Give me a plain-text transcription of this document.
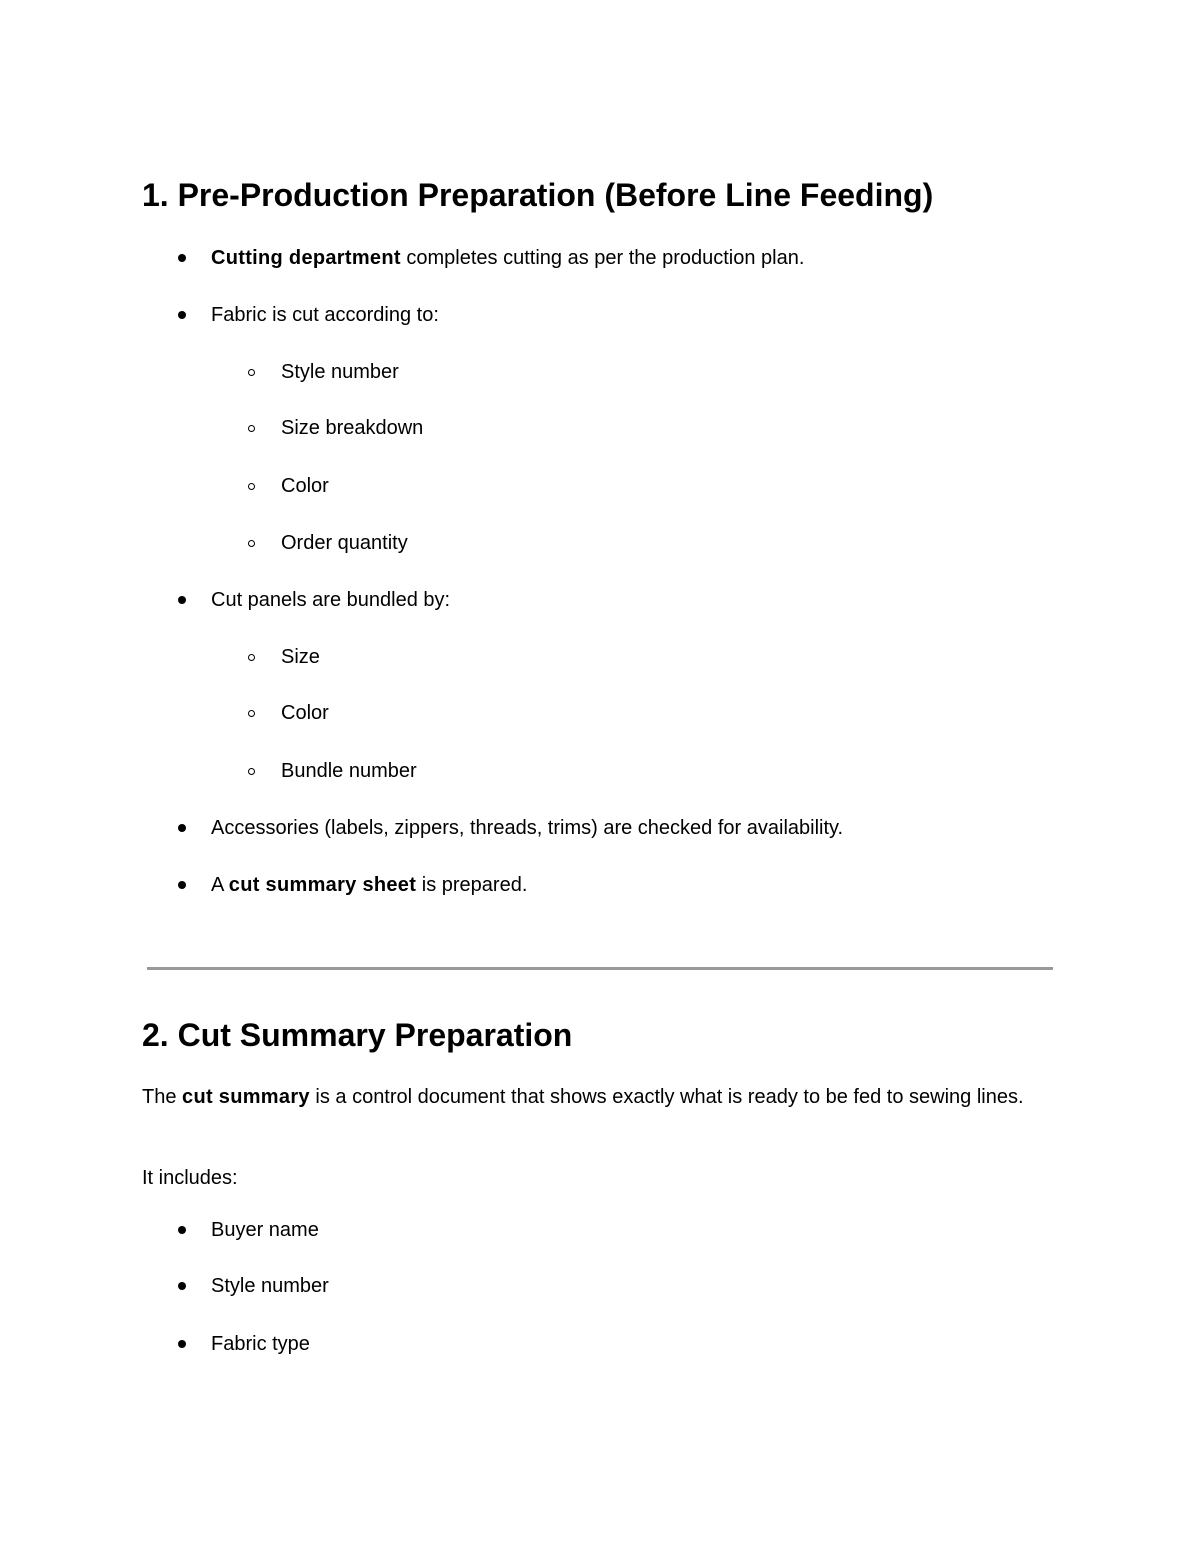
1. Pre-Production Preparation (Before Line Feeding)
Cutting department completes cutting as per the production plan.
Fabric is cut according to:
Style number
Size breakdown
Color
Order quantity
Cut panels are bundled by:
Size
Color
Bundle number
Accessories (labels, zippers, threads, trims) are checked for availability.
A cut summary sheet is prepared.
2. Cut Summary Preparation

The cut summary is a control document that shows exactly what is ready to be fed to sewing lines.

It includes:

Buyer name
Style number
Fabric type
